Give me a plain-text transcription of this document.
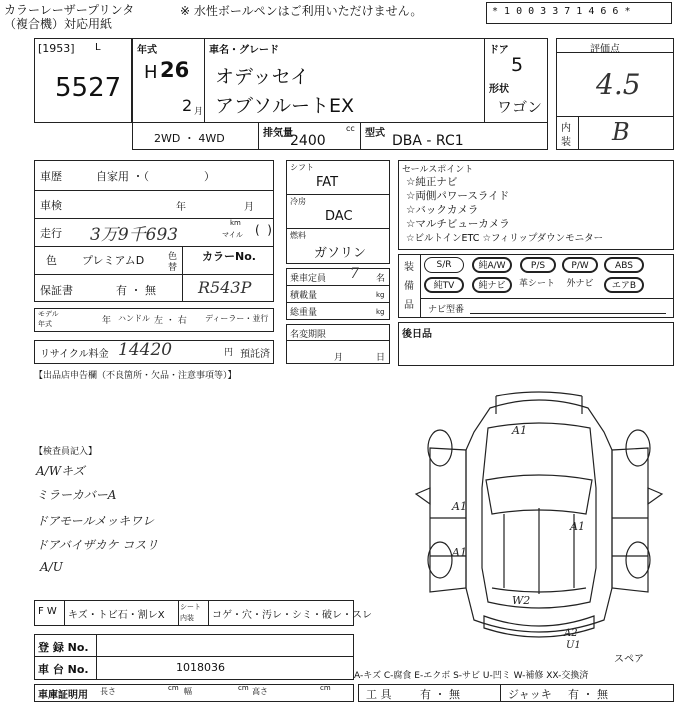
カラーレーザープリンタ
（複合機）対応用紙
※ 水性ボールペンはご利用いただけません。	* 1 0 0 3 3 7 1 4 6 6 *
[1953] L
5527
年式
H 26
2 月
車名・グレード
オデッセイ
アブソルートEX
ドア
5
形状
ワゴン
2WD ・ 4WD	排気量
2400
cc 型式 DBA - RC1
評価点
4.5
内
装 B
車歴	自家用 ・（　　　　　）
車検	年	月
走行 3万9千693
km
マイル (  )
色 プレミアムD	色
替
カラーNo.
R543P
保証書	有 ・ 無
モデル
年式	年 ハンドル 左 ・ 右 ディーラー・並行
リサイクル料金 14420	円 預託済
【出品店申告欄（不良箇所・欠品・注意事項等）】
シフト
FAT
冷房
DAC
燃料
ガソリン
乗車定員 7 名
積載量	kg
総重量	kg
名変期限
月	日
セールスポイント
☆純正ナビ
☆両側パワースライド
☆バックカメラ
☆マルチビューカメラ
☆ビルトインETC ☆フィリップダウンモニター
装
備
品
S/R	純A/W	P/S	P/W	ABS
純TV	純ナビ	革シート	外ナビ	エアB
ナビ型番
後日品
【検査員記入】
A/Wキズ
ミラーカバーA
ドアモールメッキワレ
ドアバイザカケ コスリ
A/U
A1
A1
A1
A1
W2
A2
U1
スペア
F W キズ・トビ石・割レX
シート
内装 コゲ・穴・汚レ・シミ・破レ・スレ
登 録 No.
車 台 No.	1018036
車庫証明用 長さ	cm 幅	cm 高さ	cm
A-キズ C-腐食 E-エクボ S-サビ U-凹ミ W-補修 XX-交換済
工 具	有 ・ 無	ジャッキ 有 ・ 無
